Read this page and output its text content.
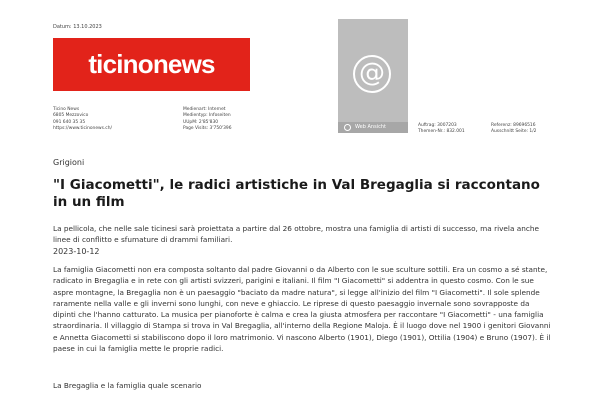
Datum: 13.10.2023
ticinonews
Ticino News
6805 Mezzovico
091 640 35 35
https://www.ticinonews.ch/
Medienart: Internet
Medientyp: Infoseiten
UUpM: 2'85'830
Page Visits: 3'750'396
@
Web Ansicht	Auftrag: 3007203
Themen-Nr.: 832.001
Referenz: 89696516
Ausschnitt Seite: 1/2
Grigioni
"I Giacometti", le radici artistiche in Val Bregaglia si raccontano in un film

La pellicola, che nelle sale ticinesi sarà proiettata a partire dal 26 ottobre, mostra una famiglia di artisti di successo, ma rivela anche linee di conflitto e sfumature di drammi familiari.

2023-10-12

La famiglia Giacometti non era composta soltanto dal padre Giovanni o da Alberto con le sue sculture sottili. Era un cosmo a sé stante, radicato in Bregaglia e in rete con gli artisti svizzeri, parigini e italiani. Il film "I Giacometti" si addentra in questo cosmo. Con le sue aspre montagne, la Bregaglia non è un paesaggio "baciato da madre natura", si legge all'inizio del film "I Giacometti". Il sole splende raramente nella valle e gli inverni sono lunghi, con neve e ghiaccio. Le riprese di questo paesaggio invernale sono sovrapposte da dipinti che l'hanno catturato. La musica per pianoforte è calma e crea la giusta atmosfera per raccontare "I Giacometti" - una famiglia straordinaria. Il villaggio di Stampa si trova in Val Bregaglia, all'interno della Regione Maloja. È il luogo dove nel 1900 i genitori Giovanni e Annetta Giacometti si stabiliscono dopo il loro matrimonio. Vi nascono Alberto (1901), Diego (1901), Ottilia (1904) e Bruno (1907). È il paese in cui la famiglia mette le proprie radici.

La Bregaglia e la famiglia quale scenario
